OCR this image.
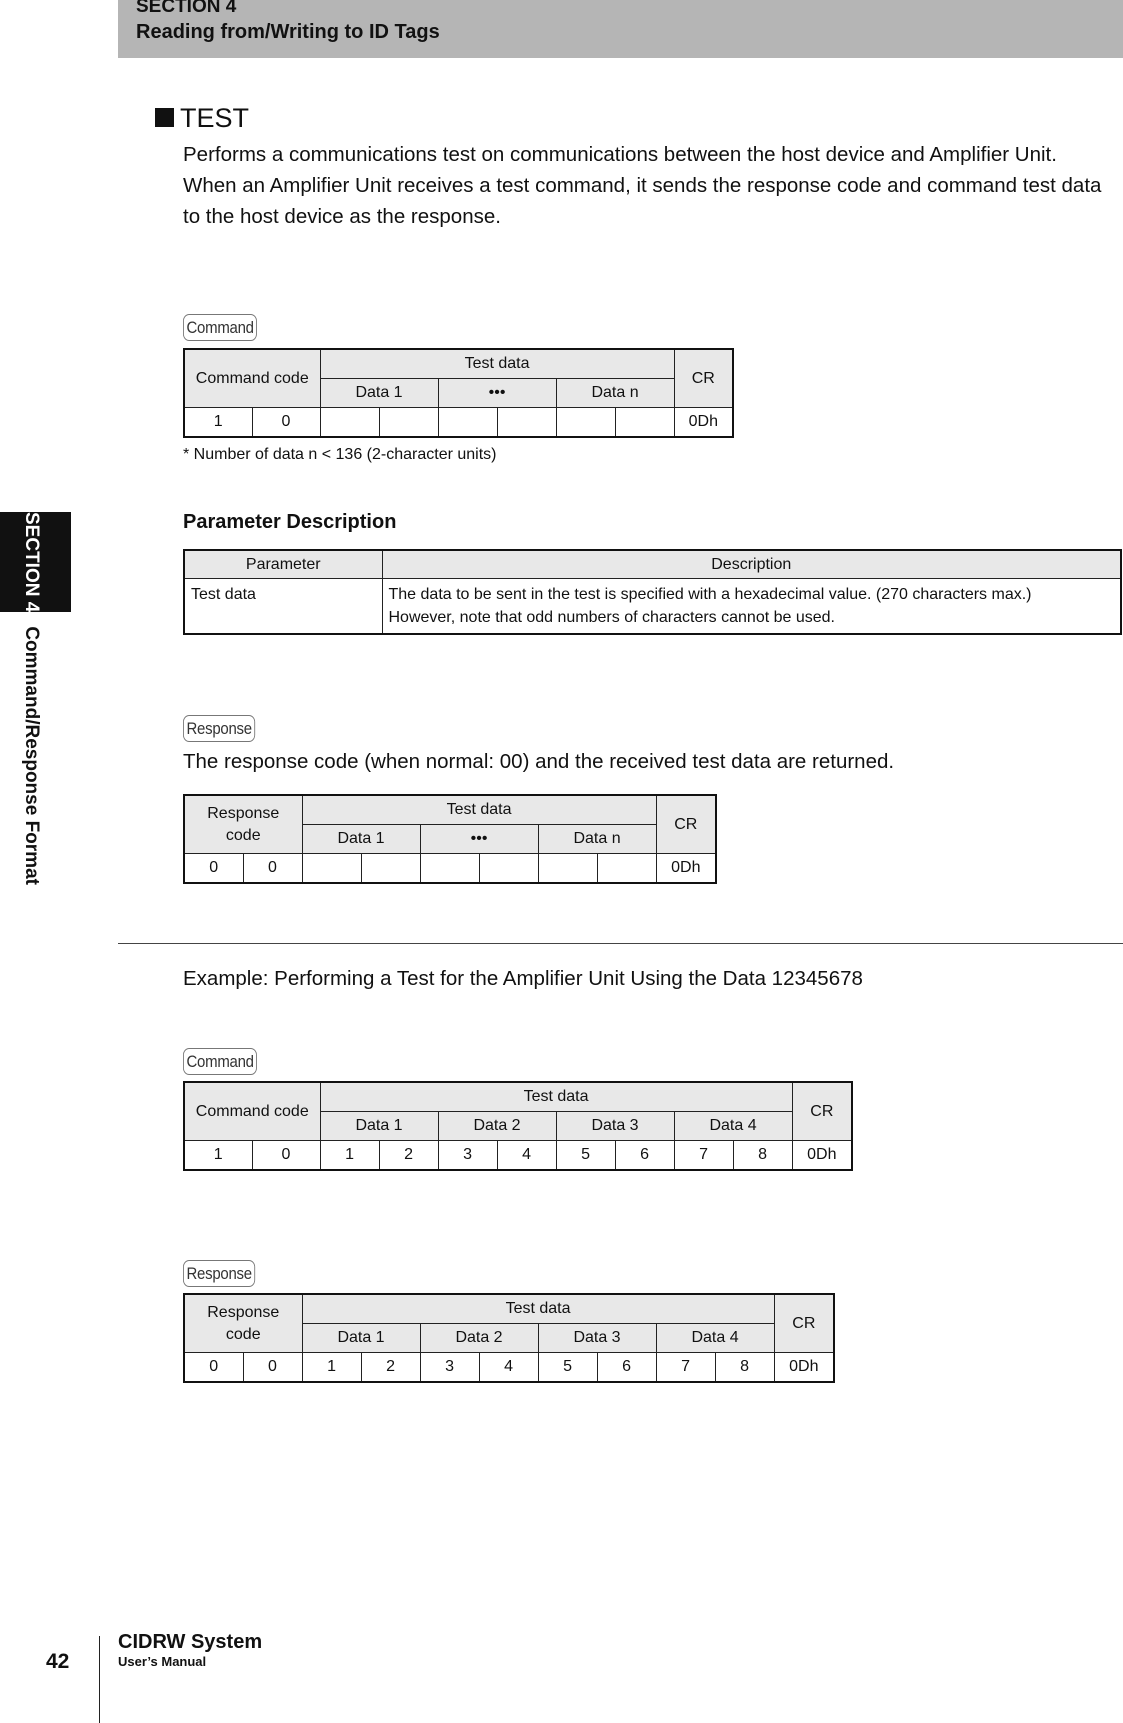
SECTION 4
Reading from/Writing to ID Tags
SECTION 4Command/Response Format
TEST
Performs a communications test on communications between the host device and Amplifier Unit.
When an Amplifier Unit receives a test command, it sends the response code and command test data
to the host device as the response.
Command
Command code		Test data						CR
		Data 1		•••		Data n		
1	0							0Dh
* Number of data n < 136 (2-character units)
Parameter Description
Parameter	Description
Test data	The data to be sent in the test is specified with a hexadecimal value. (270 characters max.)
However, note that odd numbers of characters cannot be used.
Response
The response code (when normal: 00) and the received test data are returned.
Response
code		Test data						CR
		Data 1		•••		Data n		
0	0							0Dh
Example: Performing a Test for the Amplifier Unit Using the Data 12345678
Command
Command code		Test data								CR
		Data 1		Data 2		Data 3		Data 4		
1	0	1	2	3	4	5	6	7	8	0Dh
Response
Response
code		Test data								CR
		Data 1		Data 2		Data 3		Data 4		
0	0	1	2	3	4	5	6	7	8	0Dh
42
CIDRW System
User’s Manual
